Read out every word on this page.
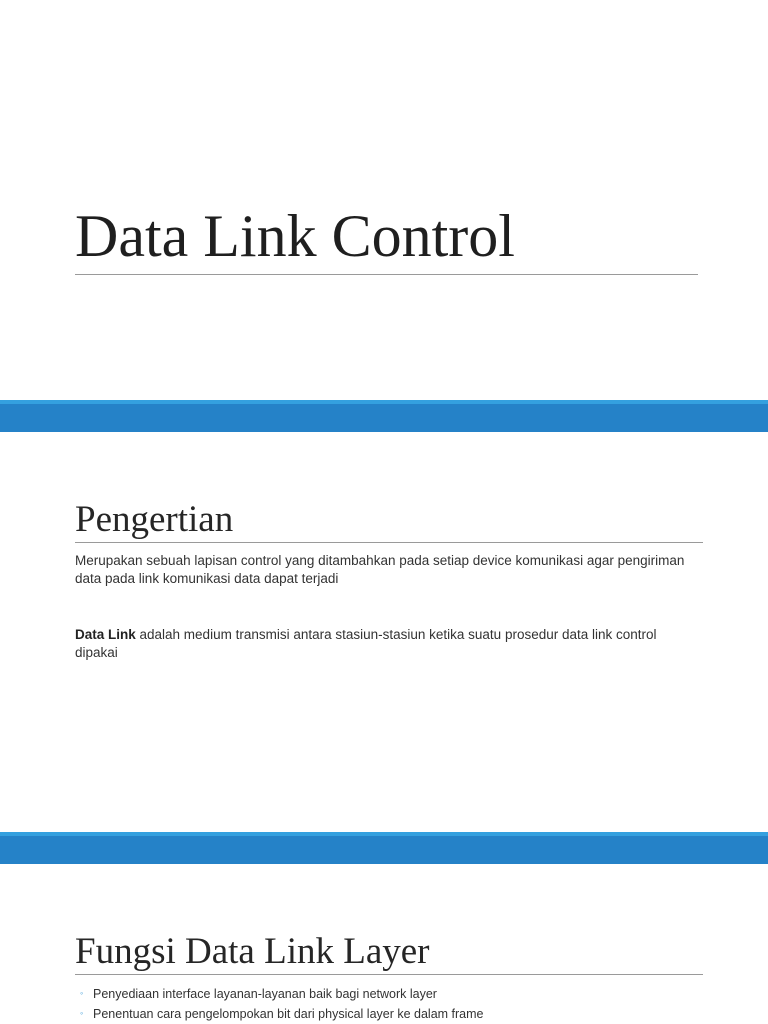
Data Link Control
Pengertian

Merupakan sebuah lapisan control yang ditambahkan pada setiap device komunikasi agar pengiriman data pada link komunikasi data dapat terjadi

Data Link adalah medium transmisi antara stasiun-stasiun ketika suatu prosedur data link control dipakai

Fungsi Data Link Layer
◦ Penyediaan interface layanan-layanan baik bagi network layer
◦ Penentuan cara pengelompokan bit dari physical layer ke dalam frame
